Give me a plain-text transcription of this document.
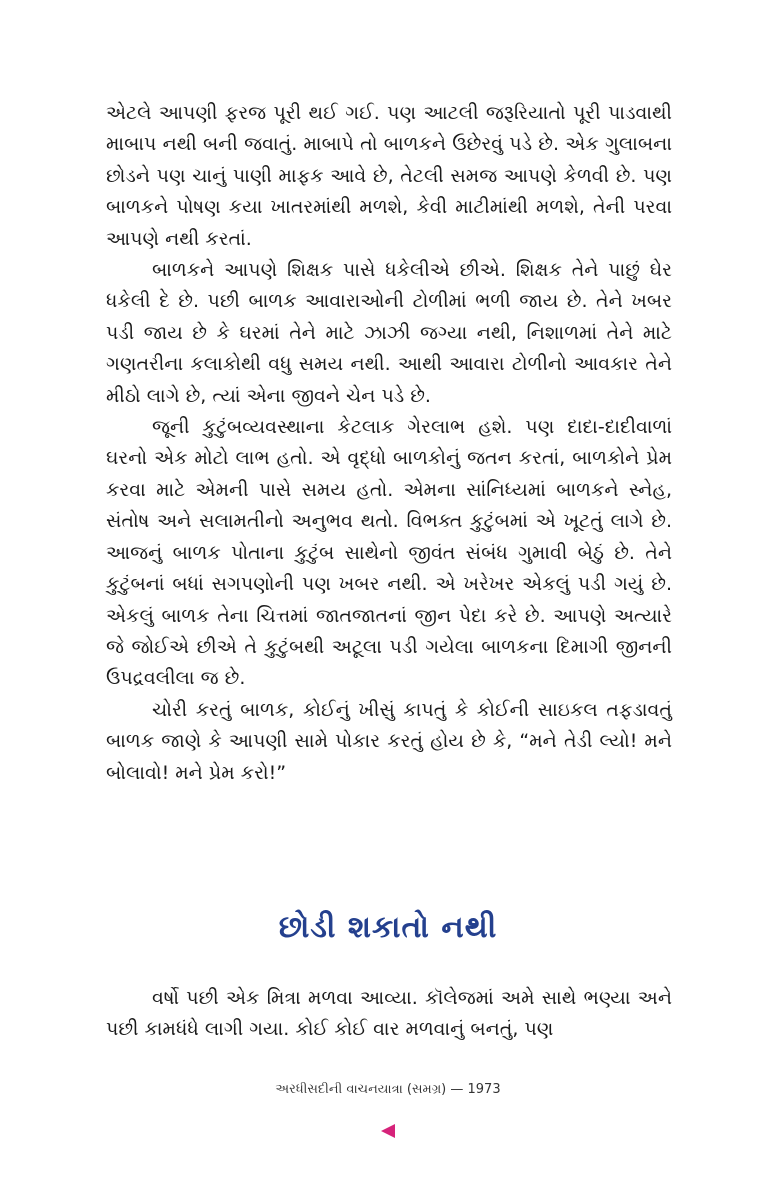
એટલે આપણી ફરજ પૂરી થઈ ગઈ. પણ આટલી જરૂરિયાતો પૂરી પાડવાથી માબાપ નથી બની જવાતું. માબાપે તો બાળકને ઉછેરવું પડે છે. એક ગુલાબના છોડને પણ ચાનું પાણી માફક આવે છે, તેટલી સમજ આપણે કેળવી છે. પણ બાળકને પોષણ કયા ખાતરમાંથી મળશે, કેવી માટીમાંથી મળશે, તેની પરવા આપણે નથી કરતાં.

બાળકને આપણે શિક્ષક પાસે ધકેલીએ છીએ. શિક્ષક તેને પાછું ઘેર ધકેલી દે છે. પછી બાળક આવારાઓની ટોળીમાં ભળી જાય છે. તેને ખબર પડી જાય છે કે ઘરમાં તેને માટે ઝાઝી જગ્યા નથી, નિશાળમાં તેને માટે ગણતરીના કલાકોથી વધુ સમય નથી. આથી આવારા ટોળીનો આવકાર તેને મીઠો લાગે છે, ત્યાં એના જીવને ચેન પડે છે.

જૂની કુટુંબવ્યવસ્થાના કેટલાક ગેરલાભ હશે. પણ દાદા-દાદીવાળાં ઘરનો એક મોટો લાભ હતો. એ વૃદ્ધો બાળકોનું જતન કરતાં, બાળકોને પ્રેમ કરવા માટે એમની પાસે સમય હતો. એમના સાંનિધ્યમાં બાળકને સ્નેહ, સંતોષ અને સલામતીનો અનુભવ થતો. વિભક્ત કુટુંબમાં એ ખૂટતું લાગે છે. આજનું બાળક પોતાના કુટુંબ સાથેનો જીવંત સંબંધ ગુમાવી બેઠું છે. તેને કુટુંબનાં બધાં સગપણોની પણ ખબર નથી. એ ખરેખર એકલું પડી ગયું છે. એકલું બાળક તેના ચિત્તમાં જાતજાતનાં જીન પેદા કરે છે. આપણે અત્યારે જે જોઈએ છીએ તે કુટુંબથી અટૂલા પડી ગયેલા બાળકના દિમાગી જીનની ઉપદ્રવલીલા જ છે.

ચોરી કરતું બાળક, કોઈનું ખીસું કાપતું કે કોઈની સાઇકલ તફડાવતું બાળક જાણે કે આપણી સામે પોકાર કરતું હોય છે કે, “મને તેડી લ્યો! મને બોલાવો! મને પ્રેમ કરો!”

છોડી શકાતો નથી

વર્ષો પછી એક મિત્રા મળવા આવ્યા. કૉલેજમાં અમે સાથે ભણ્યા અને પછી કામધંધે લાગી ગયા. કોઈ કોઈ વાર મળવાનું બનતું, પણ

અરધીસદીની વાચનયાત્રા (સમગ્ર) — 1973
